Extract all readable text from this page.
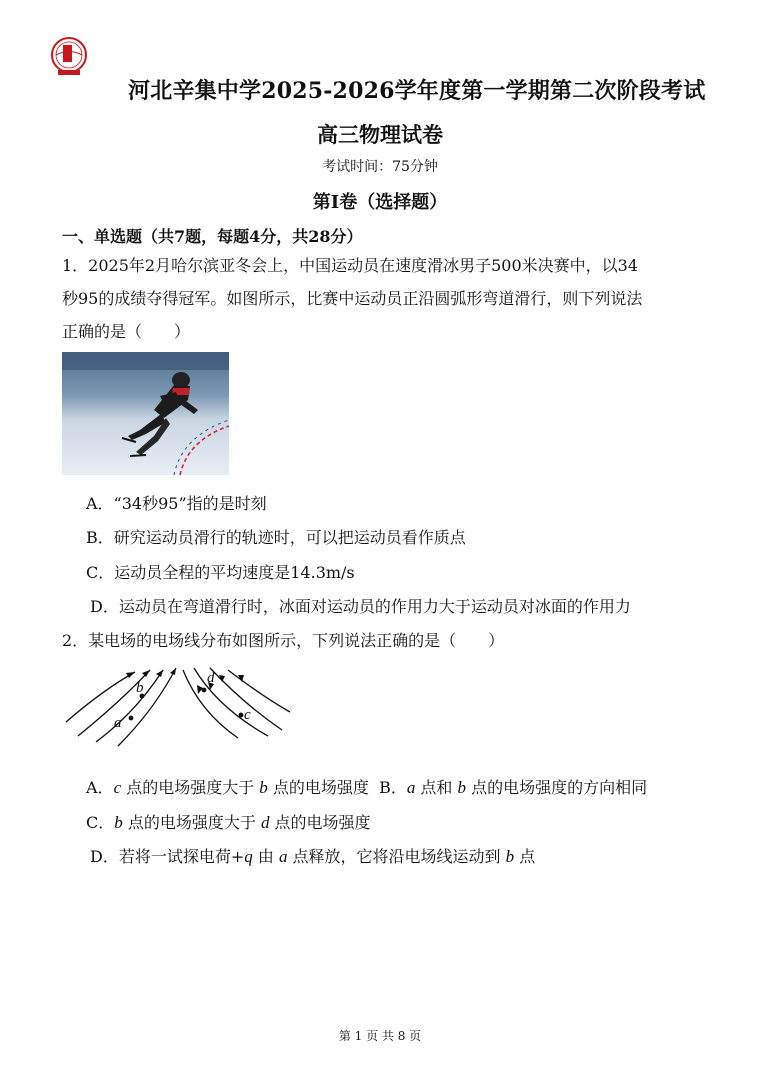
河北辛集中学2025-2026学年度第一学期第二次阶段考试
高三物理试卷
考试时间：75分钟
第Ⅰ卷（选择题）
一、单选题（共7题，每题4分，共28分）
1．2025年2月哈尔滨亚冬会上，中国运动员在速度滑冰男子500米决赛中，以34
秒95的成绩夺得冠军。如图所示，比赛中运动员正沿圆弧形弯道滑行，则下列说法
正确的是（　　）
A．“34秒95”指的是时刻
B．研究运动员滑行的轨迹时，可以把运动员看作质点
C．运动员全程的平均速度是14.3m/s
D．运动员在弯道滑行时，冰面对运动员的作用力大于运动员对冰面的作用力
2．某电场的电场线分布如图所示，下列说法正确的是（　　）
a
b
c
d
A．c 点的电场强度大于 b 点的电场强度 B．a 点和 b 点的电场强度的方向相同
C．b 点的电场强度大于 d 点的电场强度
D．若将一试探电荷+q 由 a 点释放，它将沿电场线运动到 b 点
第 1 页 共 8 页
